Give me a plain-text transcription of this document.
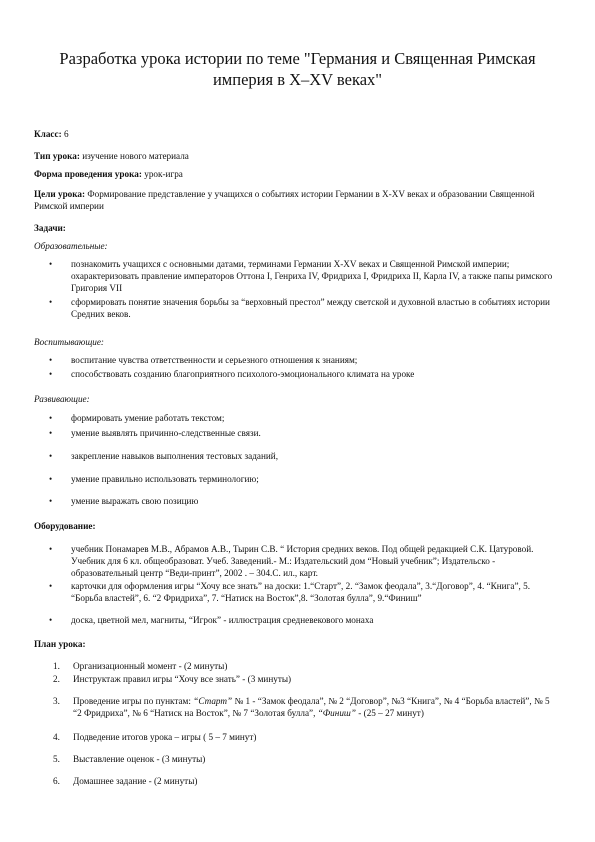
Разработка урока истории по теме "Германия и Священная Римская империя в X–XV веках"
Класс: 6
Тип урока: изучение нового материала
Форма проведения урока: урок-игра
Цели урока: Формирование представление у учащихся о событиях истории Германии в X-XV веках и образовании Священной Римской империи
Задачи:
Образовательные:
• познакомить учащихся с основными датами, терминами Германии X-XV веках и Священной Римской империи; охарактеризовать правление императоров Оттона I, Генриха IV, Фридриха I, Фридриха II, Карла IV, а также папы римского Григория VII
• сформировать понятие значения борьбы за “верховный престол” между светской и духовной властью в событиях истории Средних веков.
Воспитывающие:
• воспитание чувства ответственности и серьезного отношения к знаниям;
• способствовать созданию благоприятного психолого-эмоционального климата на уроке
Развивающие:
• формировать умение работать текстом;
• умение выявлять причинно-следственные связи.
• закрепление навыков выполнения тестовых заданий,
• умение правильно использовать терминологию;
• умение выражать свою позицию
Оборудование:
• учебник Понамарев М.В., Абрамов А.В., Тырин С.В. “ История средних веков. Под общей редакцией С.К. Цатуровой. Учебник для 6 кл. общеобразоват. Учеб. Заведений.- М.: Издательский дом “Новый учебник”; Издательско - образовательный центр “Веди-принт”, 2002 . – 304.С. ил., карт.
• карточки для оформления игры “Хочу все знать” на доски: 1.“Старт”, 2. “Замок феодала”, 3.“Договор”, 4. “Книга”, 5. “Борьба властей”, 6. “2 Фридриха”, 7. “Натиск на Восток”,8. “Золотая булла”, 9.“Финиш”
• доска, цветной мел, магниты, “Игрок” - иллюстрация средневекового монаха
План урока:
1. Организационный момент - (2 минуты)
2. Инструктаж правил игры “Хочу все знать” - (3 минуты)
3. Проведение игры по пунктам: “Старт” № 1 - “Замок феодала”, № 2 “Договор”, №3 “Книга”, № 4 “Борьба властей”, № 5 “2 Фридриха”, № 6 “Натиск на Восток”, № 7 “Золотая булла”, “Финиш” - (25 – 27 минут)
4. Подведение итогов урока – игры ( 5 – 7 минут)
5. Выставление оценок - (3 минуты)
6. Домашнее задание - (2 минуты)
